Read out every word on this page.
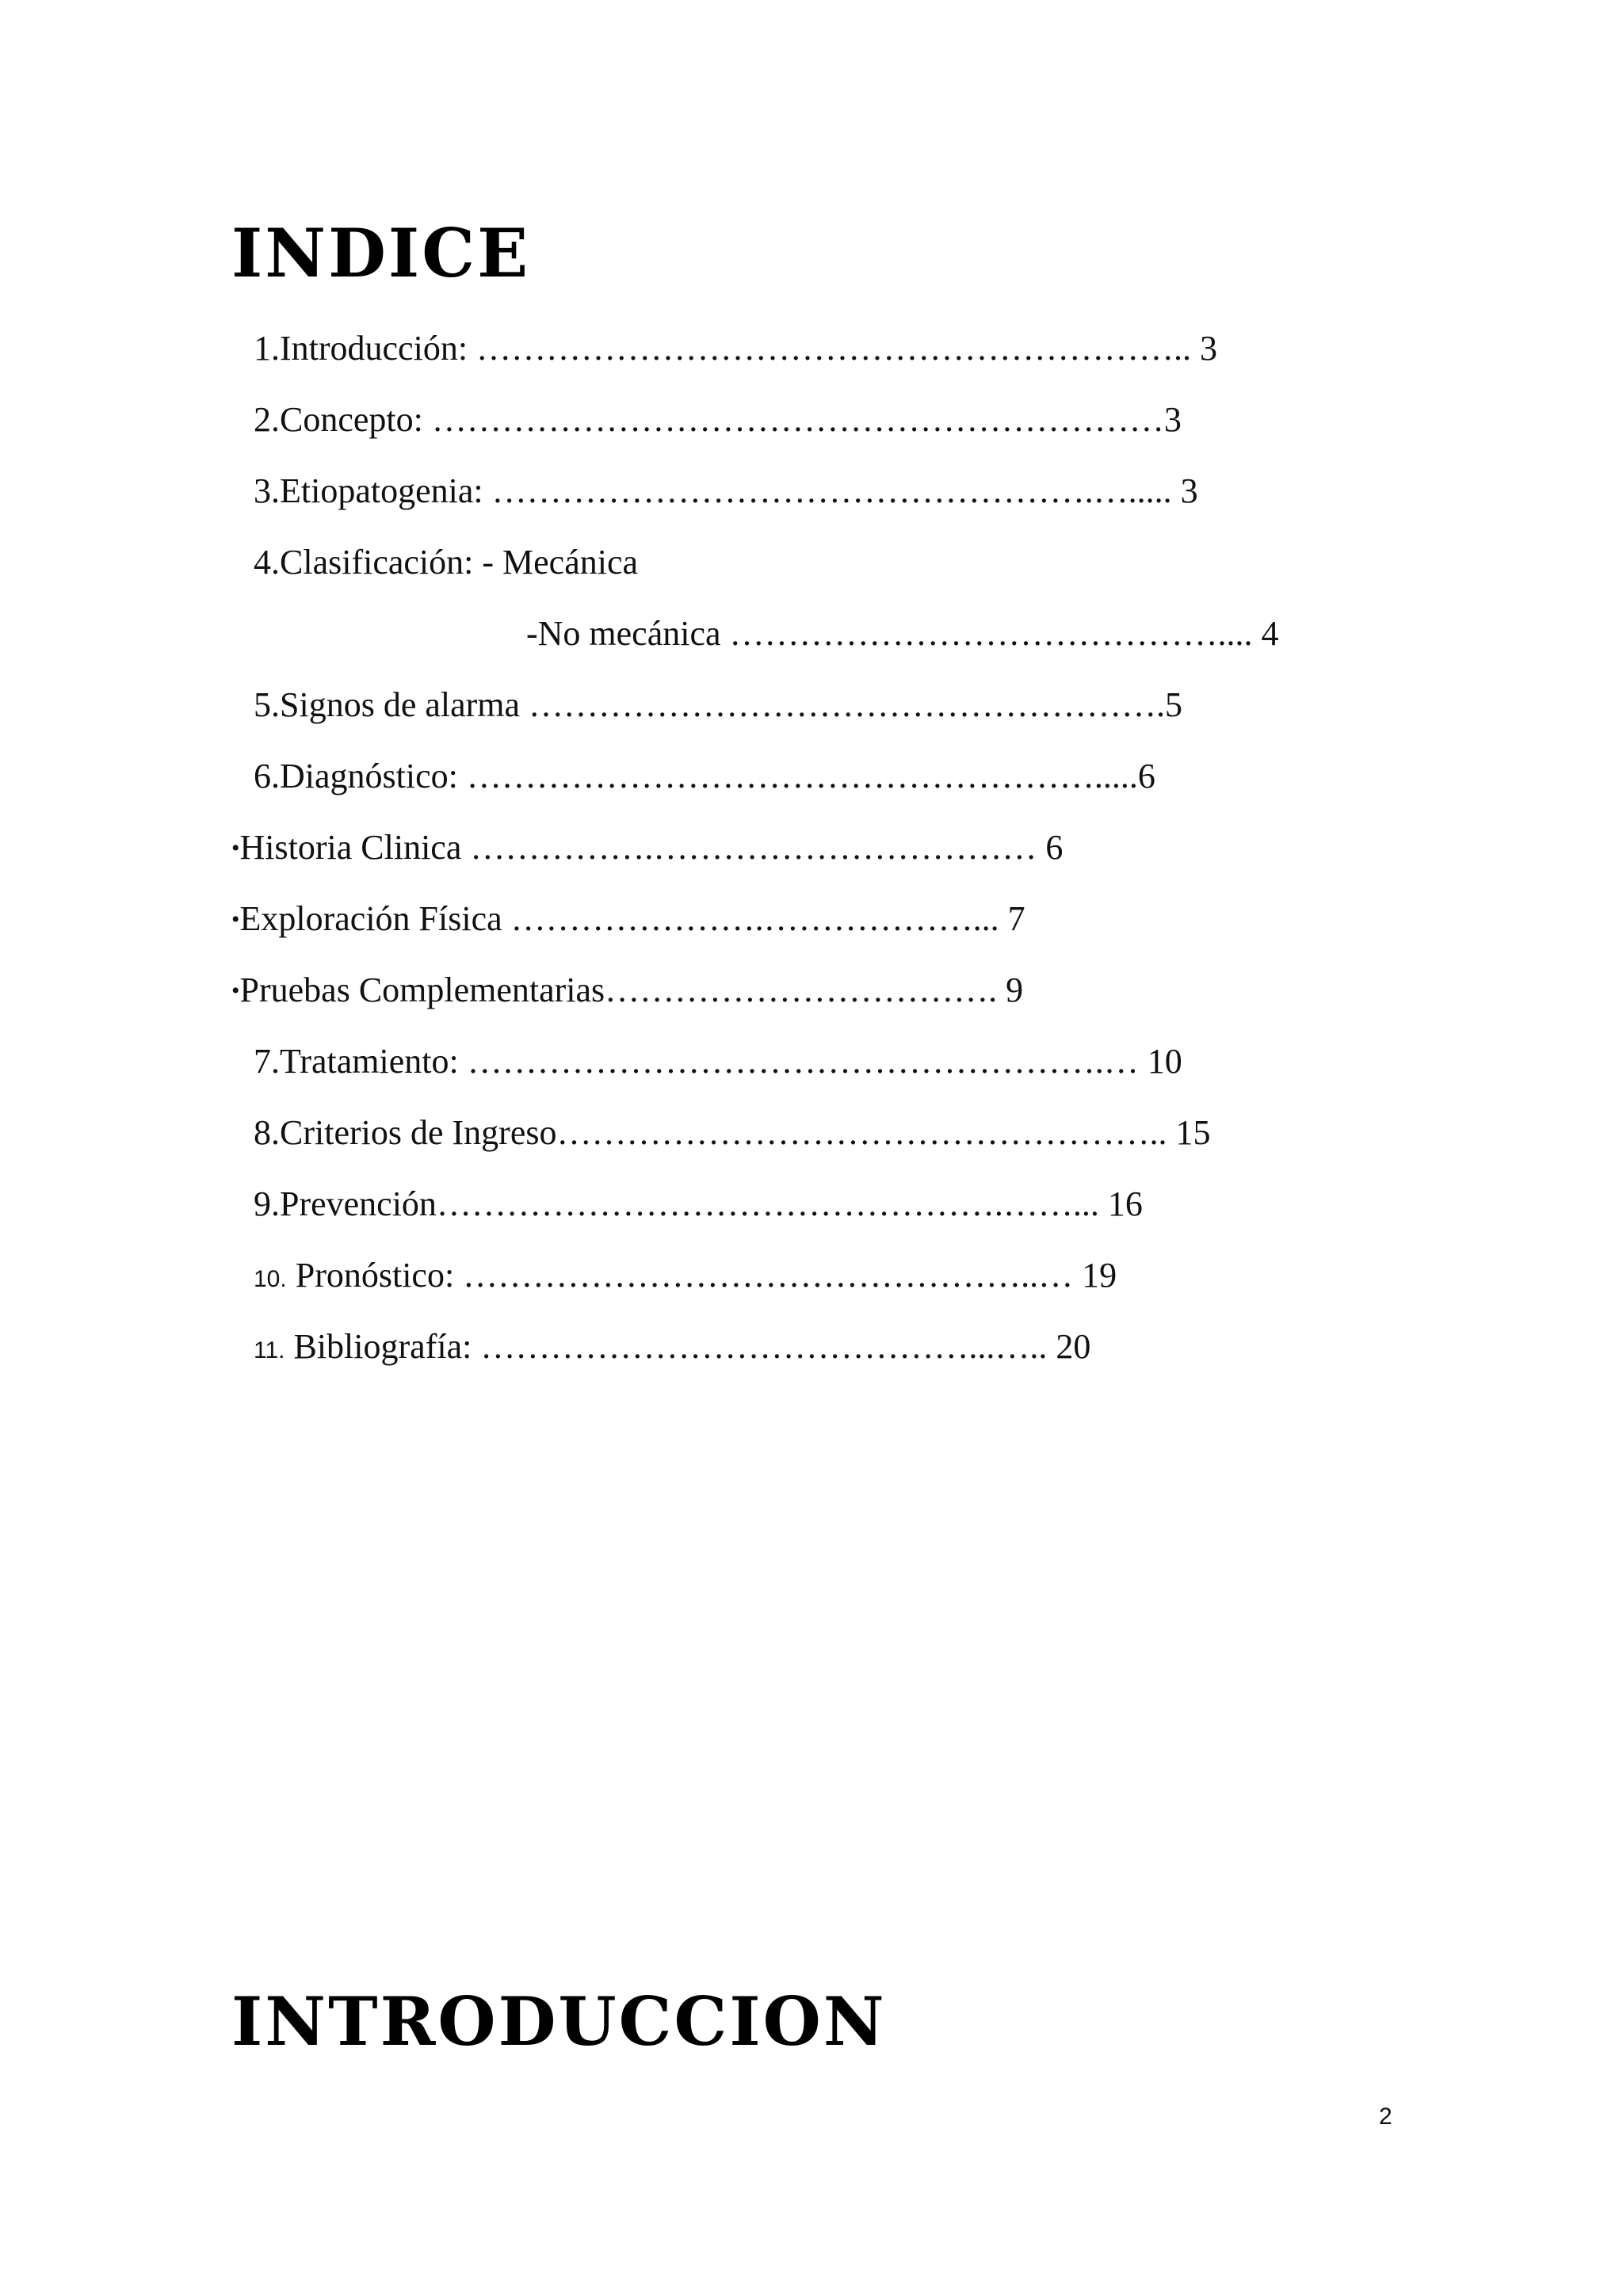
INDICE
1.Introducción: …………………………………………………….. 3
2.Concepto: ………………………………………………………3
3.Etiopatogenia: …………………………………………….…..... 3
4.Clasificación: - Mecánica
-No mecánica …………………………………….... 4
5.Signos de alarma ……………………………………………….5
6.Diagnóstico: ……………………………………………….....6
•Historia Clinica …………….…………………………… 6
•Exploración Física ………………….………………... 7
•Pruebas Complementarias……………………………. 9
7.Tratamiento: ……………………………………………….… 10
8.Criterios de Ingreso…………………………………………….. 15
9.Prevención………………………………………….……... 16
10. Pronóstico: …………………………………………..… 19
11. Bibliografía: ……………………………………...….. 20
INTRODUCCION
2
